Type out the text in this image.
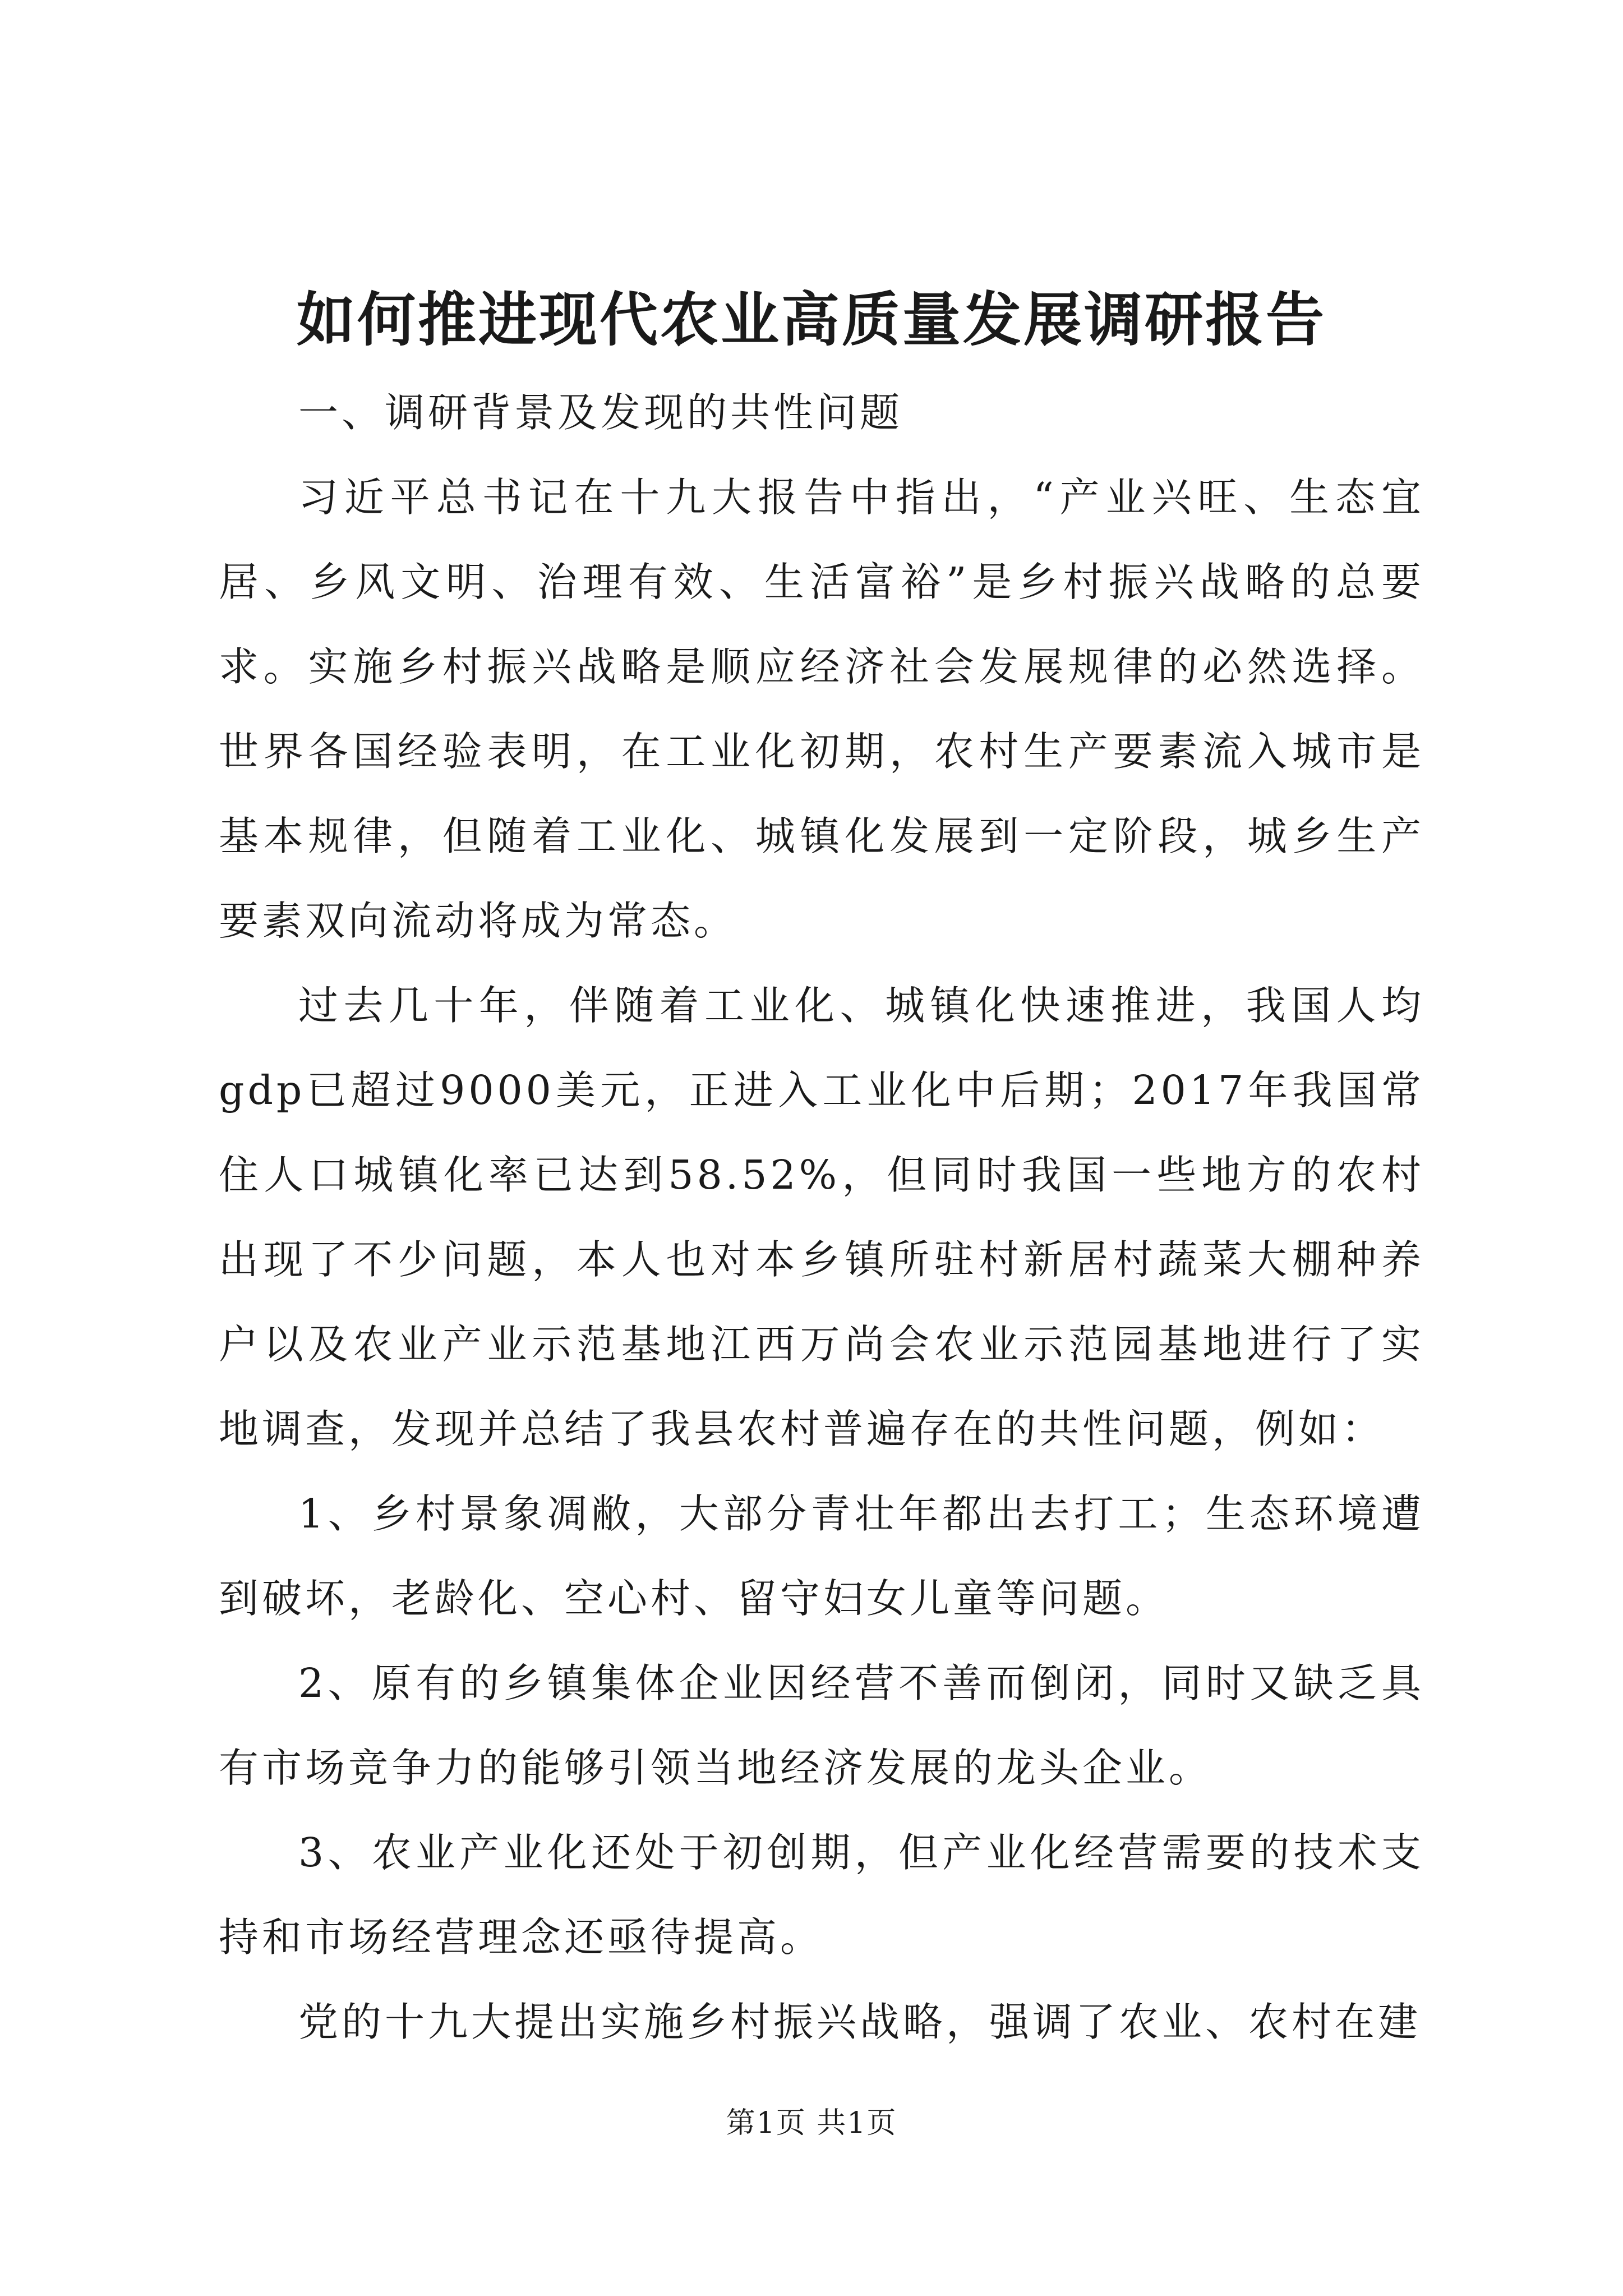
如何推进现代农业高质量发展调研报告

一、调研背景及发现的共性问题

习近平总书记在十九大报告中指出，“产业兴旺、生态宜居、乡风文明、治理有效、生活富裕”是乡村振兴战略的总要求。实施乡村振兴战略是顺应经济社会发展规律的必然选择。世界各国经验表明，在工业化初期，农村生产要素流入城市是基本规律，但随着工业化、城镇化发展到一定阶段，城乡生产要素双向流动将成为常态。

过去几十年，伴随着工业化、城镇化快速推进，我国人均gdp已超过9000美元，正进入工业化中后期；2017年我国常住人口城镇化率已达到58.52%，但同时我国一些地方的农村出现了不少问题，本人也对本乡镇所驻村新居村蔬菜大棚种养户以及农业产业示范基地江西万尚会农业示范园基地进行了实地调查，发现并总结了我县农村普遍存在的共性问题，例如：

1、乡村景象凋敝，大部分青壮年都出去打工；生态环境遭到破坏，老龄化、空心村、留守妇女儿童等问题。

2、原有的乡镇集体企业因经营不善而倒闭，同时又缺乏具有市场竞争力的能够引领当地经济发展的龙头企业。

3、农业产业化还处于初创期，但产业化经营需要的技术支持和市场经营理念还亟待提高。

党的十九大提出实施乡村振兴战略，强调了农业、农村在建

第1页 共1页
